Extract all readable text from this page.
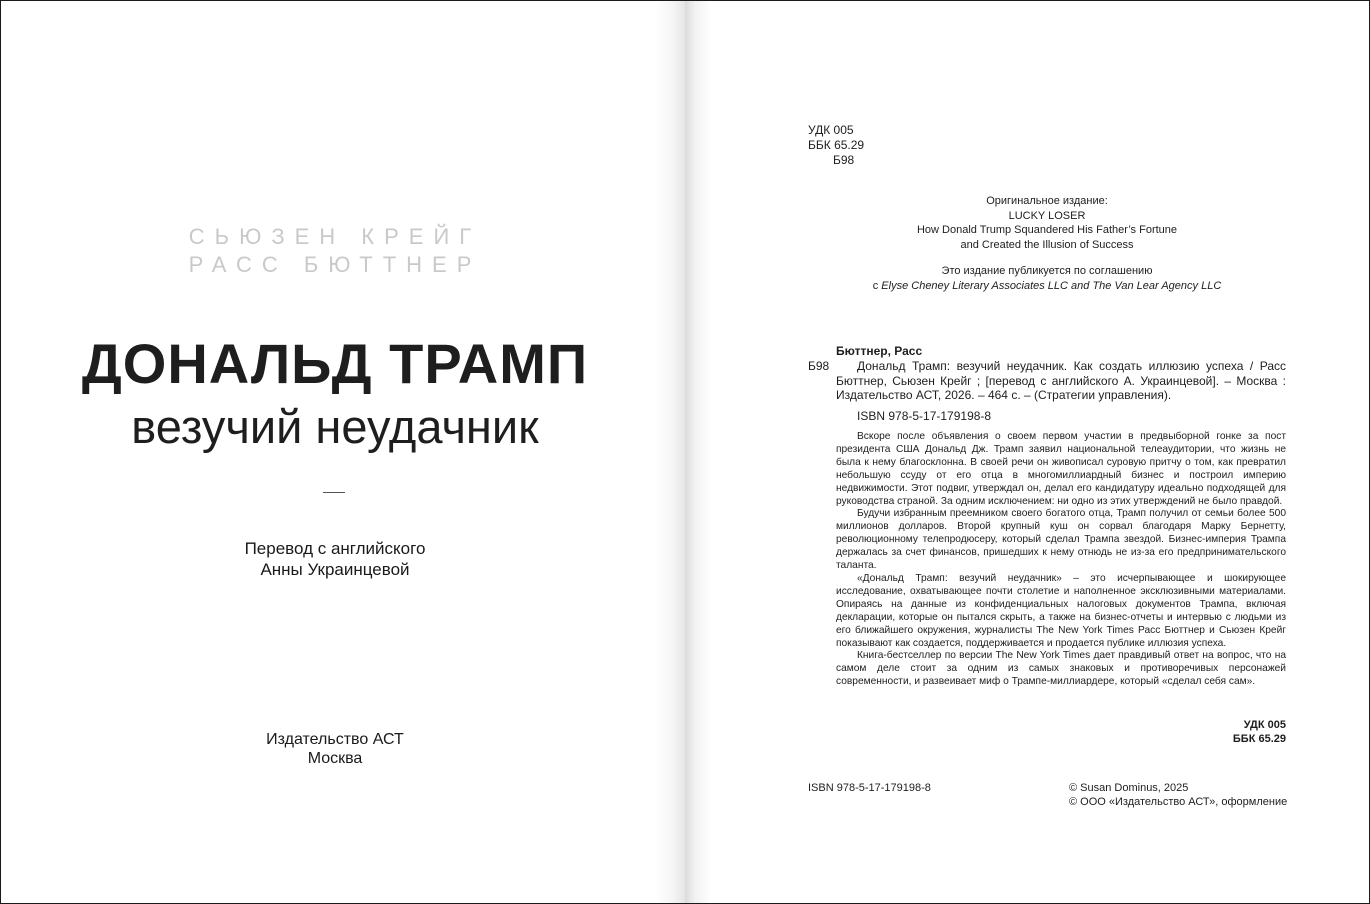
СЬЮЗЕН КРЕЙГ
РАСС БЮТТНЕР
ДОНАЛЬД ТРАМП
везучий неудачник
Перевод с английского
Анны Украинцевой
Издательство АСТ
Москва
УДК 005
ББК 65.29
Б98
Оригинальное издание:
LUCKY LOSER
How Donald Trump Squandered His Father’s Fortune
and Created the Illusion of Success
Это издание публикуется по соглашению
с Elyse Cheney Literary Associates LLC and The Van Lear Agency LLC
Бюттнер, Расс
Б98	Дональд Трамп: везучий неудачник. Как создать иллюзию успеха / Расс Бюттнер, Сьюзен Крейг ; [перевод с английского А. Украинцевой]. – Москва : Издательство АСТ, 2026. – 464 с. – (Стратегии управления).
ISBN 978-5-17-179198-8

Вскоре после объявления о своем первом участии в предвыборной гонке за пост президента США Дональд Дж. Трамп заявил национальной телеаудитории, что жизнь не была к нему благосклонна. В своей речи он живописал суровую притчу о том, как превратил небольшую ссуду от его отца в многомиллиардный бизнес и построил империю недвижимости. Этот подвиг, утверждал он, делал его кандидатуру идеально подходящей для руководства страной. За одним исключением: ни одно из этих утверждений не было правдой.

Будучи избранным преемником своего богатого отца, Трамп получил от семьи более 500 миллионов долларов. Второй крупный куш он сорвал благодаря Марку Бернетту, революционному телепродюсеру, который сделал Трампа звездой. Бизнес-империя Трампа держалась за счет финансов, пришедших к нему отнюдь не из-за его предпринимательского таланта.

«Дональд Трамп: везучий неудачник» – это исчерпывающее и шокирующее исследование, охватывающее почти столетие и наполненное эксклюзивными материалами. Опираясь на данные из конфиденциальных налоговых документов Трампа, включая декларации, которые он пытался скрыть, а также на бизнес-отчеты и интервью с людьми из его ближайшего окружения, журналисты The New York Times Расс Бюттнер и Сьюзен Крейг показывают как создается, поддерживается и продается публике иллюзия успеха.

Книга-бестселлер по версии The New York Times дает правдивый ответ на вопрос, что на самом деле стоит за одним из самых знаковых и противоречивых персонажей современности, и развеивает миф о Трампе-миллиардере, который «сделал себя сам».

УДК 005
ББК 65.29
ISBN 978-5-17-179198-8	© Susan Dominus, 2025
© ООО «Издательство АСТ», оформление
